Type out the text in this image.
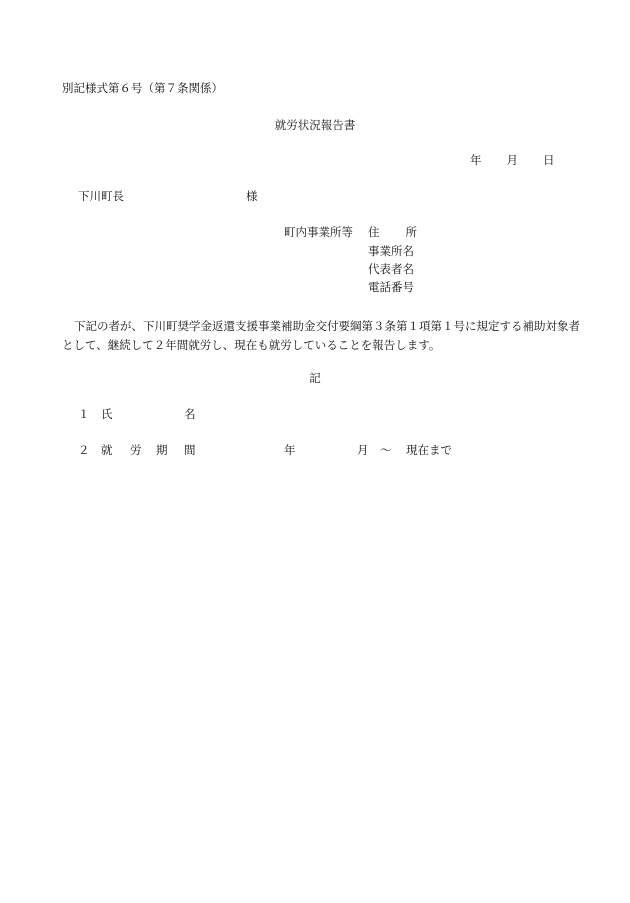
別記様式第６号（第７条関係）
就労状況報告書
年 月 日
下川町長	様
町内事業所等 住 所
事業所名
代表者名
電話番号
下記の者が、下川町奨学金返還支援事業補助金交付要綱第３条第１項第１号に規定する補助対象者として、継続して２年間就労し、現在も就労していることを報告します。
記
１ 氏	名
２ 就 労 期 間	年	月 ～ 現在まで
